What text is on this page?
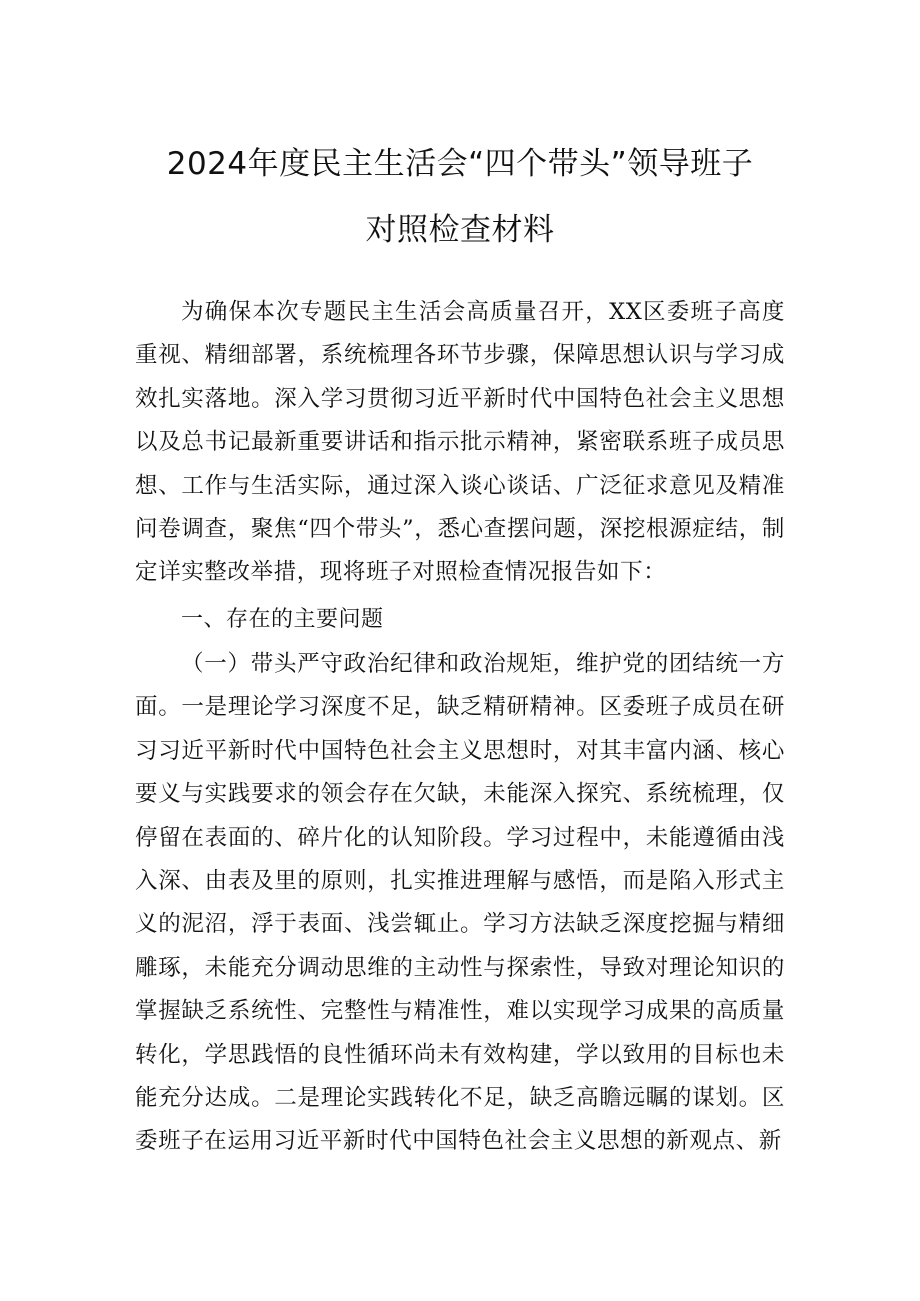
2024年度民主生活会“四个带头”领导班子
对照检查材料

为确保本次专题民主生活会高质量召开，XX区委班子高度重视、精细部署，系统梳理各环节步骤，保障思想认识与学习成效扎实落地。深入学习贯彻习近平新时代中国特色社会主义思想以及总书记最新重要讲话和指示批示精神，紧密联系班子成员思想、工作与生活实际，通过深入谈心谈话、广泛征求意见及精准问卷调查，聚焦“四个带头”，悉心查摆问题，深挖根源症结，制定详实整改举措，现将班子对照检查情况报告如下：

一、存在的主要问题

（一）带头严守政治纪律和政治规矩，维护党的团结统一方面。一是理论学习深度不足，缺乏精研精神。区委班子成员在研习习近平新时代中国特色社会主义思想时，对其丰富内涵、核心要义与实践要求的领会存在欠缺，未能深入探究、系统梳理，仅停留在表面的、碎片化的认知阶段。学习过程中，未能遵循由浅入深、由表及里的原则，扎实推进理解与感悟，而是陷入形式主义的泥沼，浮于表面、浅尝辄止。学习方法缺乏深度挖掘与精细雕琢，未能充分调动思维的主动性与探索性，导致对理论知识的掌握缺乏系统性、完整性与精准性，难以实现学习成果的高质量转化，学思践悟的良性循环尚未有效构建，学以致用的目标也未能充分达成。二是理论实践转化不足，缺乏高瞻远瞩的谋划。区委班子在运用习近平新时代中国特色社会主义思想的新观点、新
